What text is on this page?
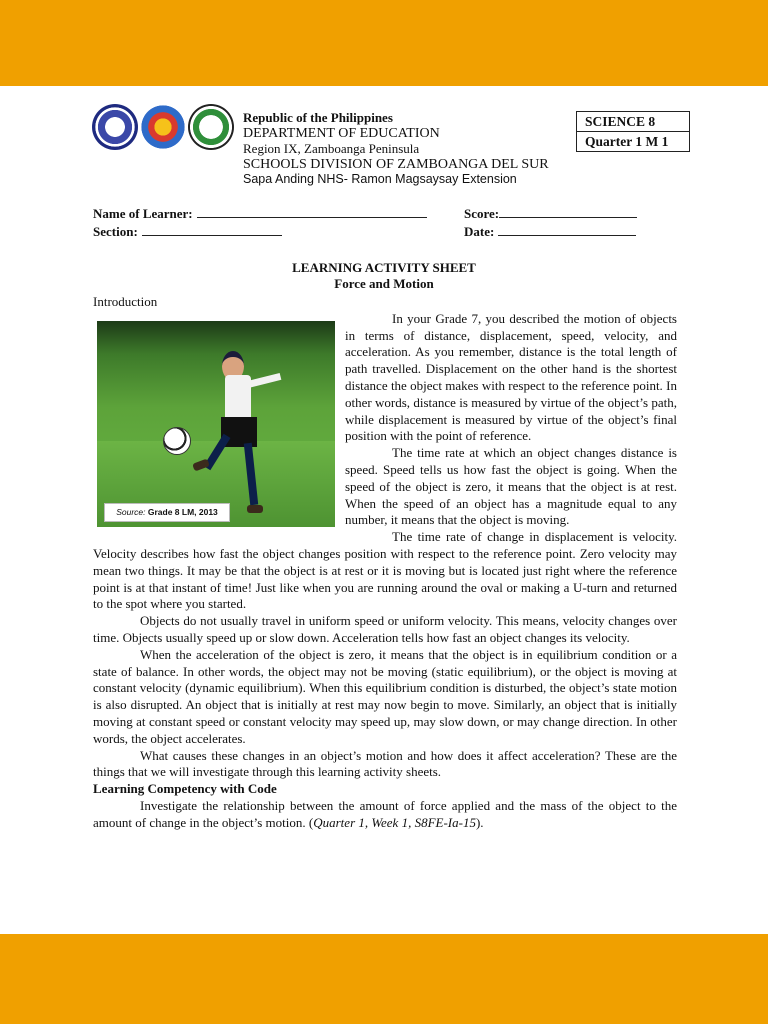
Republic of the Philippines
DEPARTMENT OF EDUCATION
Region IX, Zamboanga Peninsula
SCHOOLS DIVISION OF ZAMBOANGA DEL SUR
Sapa Anding NHS- Ramon Magsaysay Extension
SCIENCE 8
Quarter 1 M 1
Name of Learner:	Score:
Section:	Date:
LEARNING ACTIVITY SHEET
Force and Motion

Introduction

Source: Grade 8 LM, 2013

In your Grade 7, you described the motion of objects in terms of distance, displacement, speed, velocity, and acceleration. As you remember, distance is the total length of path travelled. Displacement on the other hand is the shortest distance the object makes with respect to the reference point. In other words, distance is measured by virtue of the object’s path, while displacement is measured by virtue of the object’s final position with the point of reference.

The time rate at which an object changes distance is speed. Speed tells us how fast the object is going. When the speed of the object is zero, it means that the object is at rest. When the speed of an object has a magnitude equal to any number, it means that the object is moving.

The time rate of change in displacement is velocity. Velocity describes how fast the object changes position with respect to the reference point. Zero velocity may mean two things. It may be that the object is at rest or it is moving but is located just right where the reference point is at that instant of time! Just like when you are running around the oval or making a U-turn and returned to the spot where you started.

Objects do not usually travel in uniform speed or uniform velocity. This means, velocity changes over time. Objects usually speed up or slow down. Acceleration tells how fast an object changes its velocity.

When the acceleration of the object is zero, it means that the object is in equilibrium condition or a state of balance. In other words, the object may not be moving (static equilibrium), or the object is moving at constant velocity (dynamic equilibrium). When this equilibrium condition is disturbed, the object’s state motion is also disrupted. An object that is initially at rest may now begin to move. Similarly, an object that is initially moving at constant speed or constant velocity may speed up, may slow down, or may change direction. In other words, the object accelerates.

What causes these changes in an object’s motion and how does it affect acceleration? These are the things that we will investigate through this learning activity sheets.

Learning Competency with Code

Investigate the relationship between the amount of force applied and the mass of the object to the amount of change in the object’s motion. (Quarter 1, Week 1, S8FE-Ia-15).
